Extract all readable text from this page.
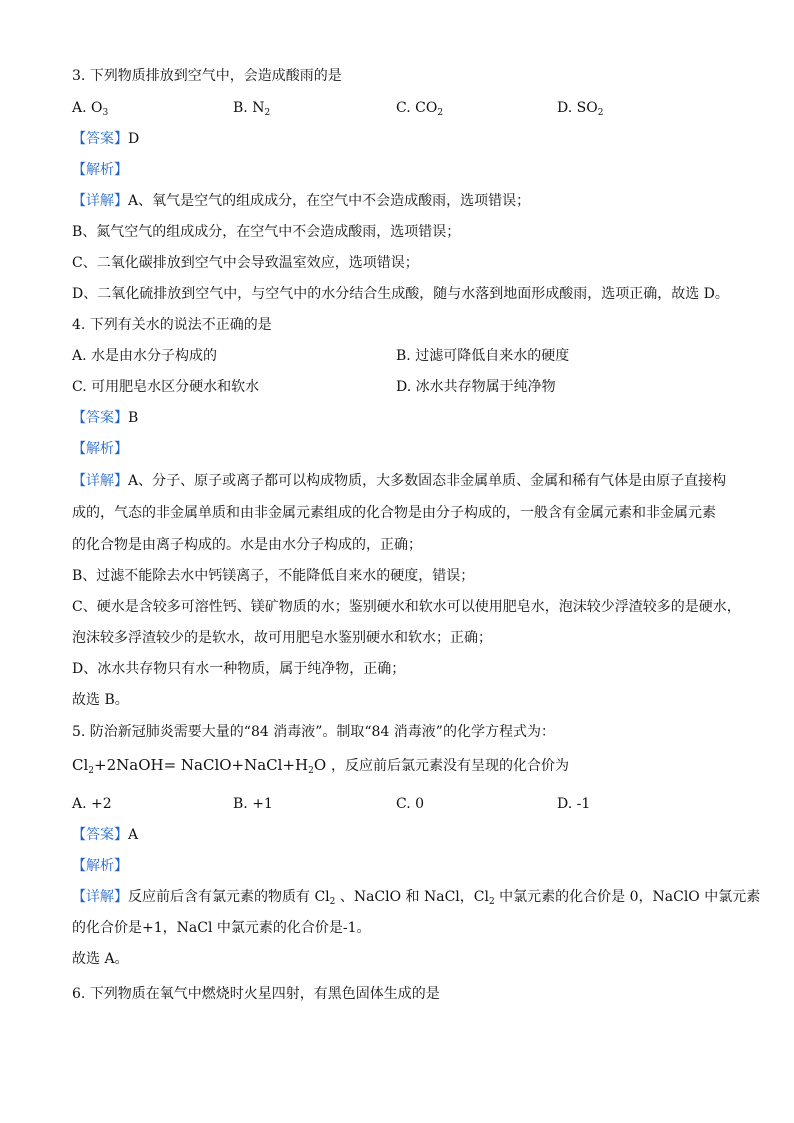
3. 下列物质排放到空气中，会造成酸雨的是
A. $O_3$	B. $N_2$	C. $CO_2$	D. $SO_2$
【答案】D
【解析】
【详解】A、氧气是空气的组成成分，在空气中不会造成酸雨，选项错误；
B、氮气空气的组成成分，在空气中不会造成酸雨，选项错误；
C、二氧化碳排放到空气中会导致温室效应，选项错误；
D、二氧化硫排放到空气中，与空气中的水分结合生成酸，随与水落到地面形成酸雨，选项正确，故选 D。
4. 下列有关水的说法不正确的是
A. 水是由水分子构成的	B. 过滤可降低自来水的硬度
C. 可用肥皂水区分硬水和软水	D. 冰水共存物属于纯净物
【答案】B
【解析】
【详解】A、分子、原子或离子都可以构成物质，大多数固态非金属单质、金属和稀有气体是由原子直接构
成的，气态的非金属单质和由非金属元素组成的化合物是由分子构成的，一般含有金属元素和非金属元素
的化合物是由离子构成的。水是由水分子构成的，正确；
B、过滤不能除去水中钙镁离子，不能降低自来水的硬度，错误；
C、硬水是含较多可溶性钙、镁矿物质的水；鉴别硬水和软水可以使用肥皂水，泡沫较少浮渣较多的是硬水，
泡沫较多浮渣较少的是软水，故可用肥皂水鉴别硬水和软水；正确；
D、冰水共存物只有水一种物质，属于纯净物，正确；
故选 B。
5. 防治新冠肺炎需要大量的“84 消毒液”。制取“84 消毒液”的化学方程式为：
$Cl_2+2NaOH=$ $NaClO+NaCl+H_2O$ ，反应前后氯元素没有呈现的化合价为
A. +2	B. +1	C. 0	D. -1
【答案】A
【解析】
【详解】反应前后含有氯元素的物质有 $Cl_2$ 、NaClO 和 NaCl，$Cl_2$ 中氯元素的化合价是 0，NaClO 中氯元素
的化合价是+1，NaCl 中氯元素的化合价是-1。
故选 A。
6. 下列物质在氧气中燃烧时火星四射，有黑色固体生成的是
